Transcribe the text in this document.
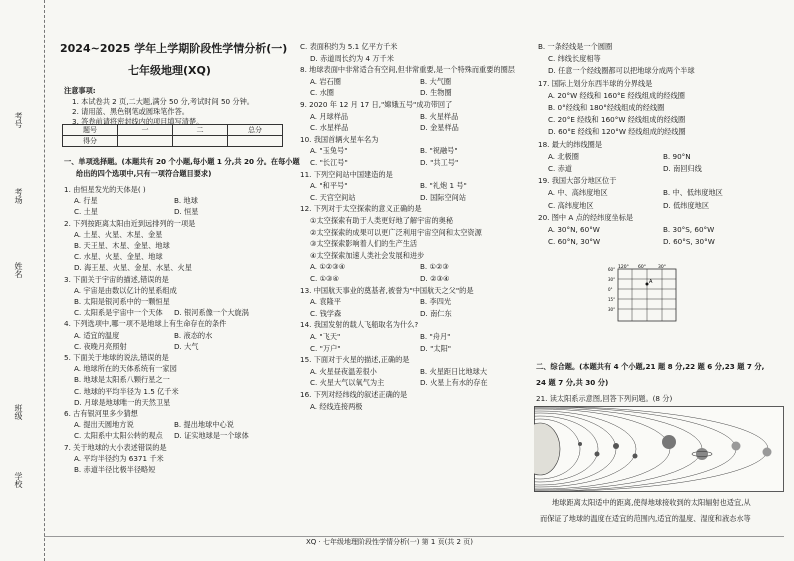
考号
考场
姓名
班级
学校
2024~2025 学年上学期阶段性学情分析(一)
七年级地理(XQ)
注意事项:
1. 本试卷共 2 页,二大题,满分 50 分,考试时间 50 分钟。
2. 请用蓝、黑色钢笔或圆珠笔作答。
3. 答卷前请将密封线内的项目填写清楚。
题号	一	二	总分
得分			
一、单项选择题。(本题共有 20 个小题,每小题 1 分,共 20 分。在每小题
给出的四个选项中,只有一项符合题目要求)
1. 由恒星发光的天体是( )
A. 行星	B. 地球
C. 土星	D. 恒星
2. 下列按距离太阳由近到远排列的一项是
A. 土星、火星、木星、金星
B. 天王星、木星、金星、地球
C. 水星、火星、金星、地球
D. 海王星、火星、金星、水星、火星
3. 下面关于宇宙的描述,错误的是
A. 宇宙是由数以亿计的星系组成
B. 太阳是银河系中的一颗恒星
C. 太阳系是宇宙中一个天体 D. 银河系像一个大旋涡
4. 下列选项中,哪一项不是地球上有生命存在的条件
A. 适宜的温度	B. 液态的水
C. 夜晚月亮照射	D. 大气
5. 下面关于地球的说法,错误的是
A. 地球所在的天体系统有一家园
B. 地球是太阳系八颗行星之一
C. 地球的平均半径为 1.5 亿千米
D. 月球是地球唯一的天然卫星
6. 古有银河里多少猜想
A. 提出天圆地方说	B. 提出地球中心说
C. 太阳系中太阳公转的观点 D. 证实地球是一个球体
7. 关于地球的大小表述错误的是
A. 平均半径约为 6371 千米
B. 赤道半径比极半径略短
C. 表面积约为 5.1 亿平方千米
D. 赤道周长约为 4 万千米
8. 地球表面中非常适合有空间,但非常重要,是一个特殊而重要的圈层
A. 岩石圈	B. 大气圈
C. 水圈	D. 生物圈
9. 2020 年 12 月 17 日,"嫦娥五号"成功带回了
A. 月球样品	B. 火星样品
C. 水星样品	D. 金星样品
10. 我国首辆火星车名为
A. "玉兔号"	B. "祝融号"
C. "长江号"	D. "共工号"
11. 下列空间站中国建造的是
A. "和平号"	B. "礼炮 1 号"
C. 天宫空间站	D. 国际空间站
12. 下列对于太空探索的意义正确的是
①太空探索有助于人类更好地了解宇宙的奥秘
②太空探索的成果可以更广泛利用宇宙空间和太空资源
③太空探索影响着人们的生产生活
④太空探索加速人类社会发展和进步
A. ①②③④	B. ①②③
C. ①③④	D. ②③④
13. 中国航天事业的奠基者,被誉为"中国航天之父"的是
A. 袁隆平	B. 李四光
C. 钱学森	D. 南仁东
14. 我国发射的载人飞船取名为什么?
A. "飞天"	B. "舟月"
C. "万户"	D. "太阳"
15. 下面对于火星的描述,正确的是
A. 火星昼夜温差很小	B. 火星距日比地球大
C. 火星大气以氧气为主	D. 火星上有水的存在
16. 下列对经纬线的叙述正确的是
A. 经线连接两极
B. 一条经线是一个圆圈
C. 纬线长度相等
D. 任意一个经线圈都可以把地球分成两个半球
17. 国际上划分东西半球的分界线是
A. 20°W 经线和 160°E 经线组成的经线圈
B. 0°经线和 180°经线组成的经线圈
C. 20°E 经线和 160°W 经线组成的经线圈
D. 60°E 经线和 120°W 经线组成的经线圈
18. 最大的纬线圈是
A. 北极圈	B. 90°N
C. 赤道	D. 南回归线
19. 我国大部分地区位于
A. 中、高纬度地区	B. 中、低纬度地区
C. 高纬度地区	D. 低纬度地区
20. 图中 A 点的经纬度坐标是
A. 30°N, 60°W	B. 30°S, 60°W
C. 60°N, 30°W	D. 60°S, 30°W
A
120° 60°	30°
60°
30°
0°
15°
30°
二、综合题。(本题共有 4 个小题,21 题 8 分,22 题 6 分,23 题 7 分,
24 题 7 分,共 30 分)
21. 读太阳系示意图,回答下列问题。(8 分)
地球距离太阳适中的距离,使得地球接收到的太阳辐射也适宜,从
而保证了地球的温度在适宜的范围内,适宜的温度、湿度和液态水等
XQ · 七年级地理阶段性学情分析(一) 第 1 页(共 2 页)
